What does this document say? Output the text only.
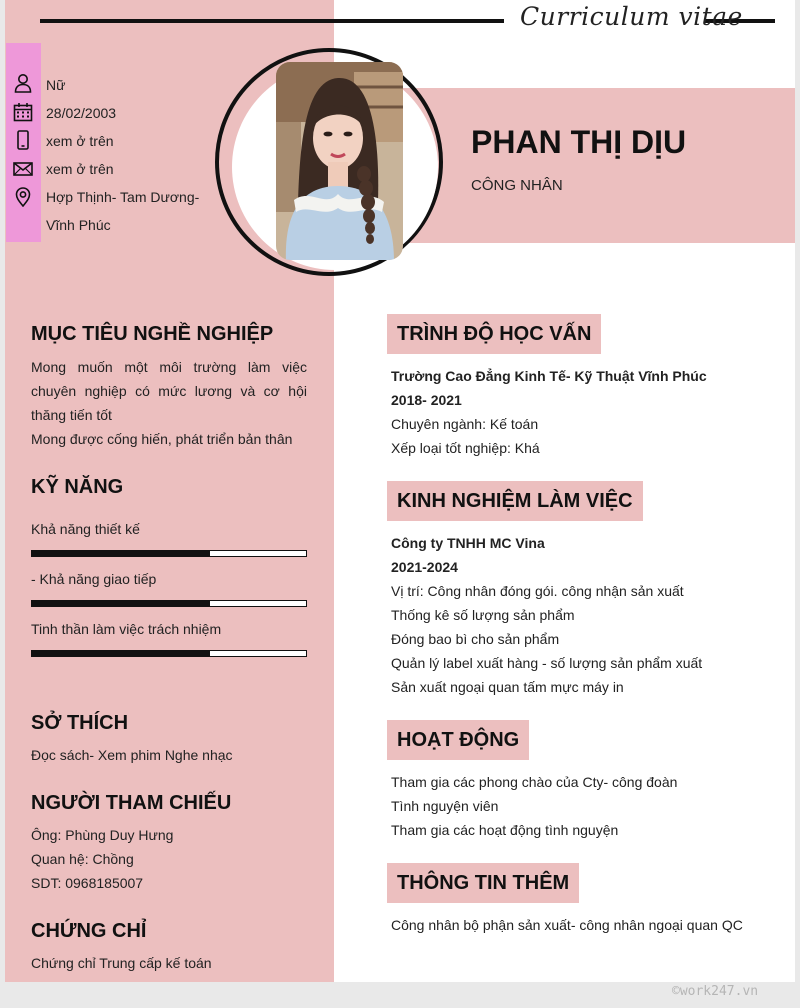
Curriculum vitae
Nữ
28/02/2003
xem ở trên
xem ở trên
Hợp Thịnh- Tam Dương-
Vĩnh Phúc
PHAN THỊ DỊU
CÔNG NHÂN
MỤC TIÊU NGHỀ NGHIỆP
Mong muốn một môi trường làm việc
chuyên nghiệp có mức lương và cơ hội
thăng tiến tốt
Mong được cống hiến, phát triển bản thân
KỸ NĂNG
Khả năng thiết kế
- Khả năng giao tiếp
Tinh thần làm việc trách nhiệm
SỞ THÍCH
Đọc sách- Xem phim Nghe nhạc
NGƯỜI THAM CHIẾU
Ông: Phùng Duy Hưng
Quan hệ: Chồng
SDT: 0968185007
CHỨNG CHỈ
Chứng chỉ Trung cấp kế toán
TRÌNH ĐỘ HỌC VẤN
Trường Cao Đẳng Kinh Tế- Kỹ Thuật Vĩnh Phúc
2018- 2021
Chuyên ngành: Kế toán
Xếp loại tốt nghiệp: Khá
KINH NGHIỆM LÀM VIỆC
Công ty TNHH MC Vina
2021-2024
Vị trí: Công nhân đóng gói. công nhận sản xuất
Thống kê số lượng sản phẩm
Đóng bao bì cho sản phẩm
Quản lý label xuất hàng - số lượng sản phẩm xuất
Sản xuất ngoại quan tấm mực máy in
HOẠT ĐỘNG
Tham gia các phong chào của Cty- công đoàn
Tình nguyện viên
Tham gia các hoạt động tình nguyện
THÔNG TIN THÊM
Công nhân bộ phận sản xuất- công nhân ngoại quan QC
©work247.vn
